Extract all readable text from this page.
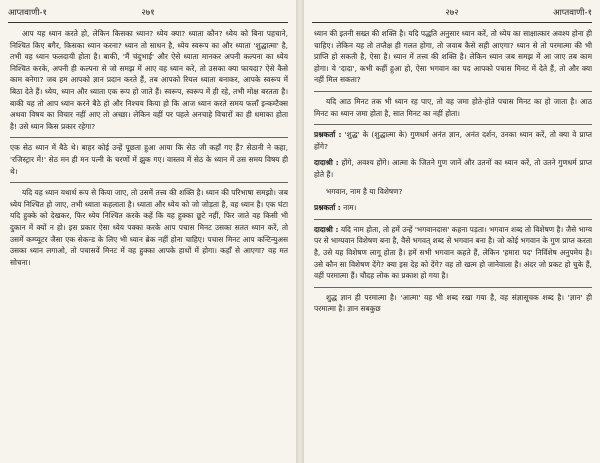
आप्तवाणी-१	२७१

आप यह ध्यान करते हो, लेकिन किसका ध्यान? ध्येय क्या? ध्याता कौन? ध्येय को बिना पहचाने, निश्चित किए बगैर, किसका ध्यान करना? ध्यान तो साधन है, ध्येय स्वरूप का और ध्याता 'शुद्धात्मा' है, तभी वह ध्यान फलदायी होता है। बाकी, 'मैं चंदुभाई' और ऐसे ध्याता मानकर अपनी कल्पना का ध्येय निश्चित करके, अपनी ही कल्पना से जो समझ में आए वह ध्यान करे, तो उसका क्या फायदा? ऐसे कैसे काम बनेगा? जब हम आपको ज्ञान प्रदान करते हैं, तब आपको रियल ध्याता बनाकर, आपके स्वरूप में बिठा देते हैं। ध्येय, ध्यान और ध्याता एक रूप हो जाते हैं। स्वरूप, स्वरूप में ही रहे, तभी मोक्ष बरतता है। बाकी यह तो आप ध्यान करने बैठे हो और निश्चय किया हो कि आज ध्यान करते समय फलाँ इन्कम्टैक्स अथवा विषय का विचार नहीं आए तो अच्छा। लेकिन वहीं पर पहले अनचाहे विचारों का ही धमाका होता है! उसे ध्यान किस प्रकार रहेगा?

एक सेठ ध्यान में बैठे थे। बाहर कोई उन्हें पूछता हुआ आया कि सेठ जी कहाँ गए हैं? सेठानी ने कहा, 'रजिस्ट्रार में!' सेठ मन ही मन पत्नी के चरणों में झुक गए। वास्तव में सेठ के ध्यान में उस समय विषय ही थे।

यदि यह ध्यान यथार्थ रूप से किया जाए, तो उसमें तत्त्व की शक्ति है। ध्यान की परिभाषा समझो। जब ध्येय निश्चित हो जाए, तभी ध्याता कहलाता है। ध्याता और ध्येय को जो जोड़ता है, वह ध्यान है। एक घंटा यदि हुक्के को देखकर, फिर ध्येय निश्चित करके कहें कि यह हुक्का छूटे नहीं, फिर जाते वह किसी भी दुकान में क्यों न हो। इस प्रकार ऐसा ध्येय पक्का करके आप पचास मिनट उसका सतत ध्यान करें, तो उसमें कम्प्यूटर जैसा एक सेकन्ड के लिए भी ध्यान ब्रेक नहीं होना चाहिए। पचास मिनट आप कन्टिन्युअस उसका ध्यान लगाओ, तो पचासवें मिनट में वह हुक्का आपके हाथों में होगा। कहाँ से आएगा? वह मत सोचना।

२७२	आप्तवाणी-१

ध्यान की इतनी सख्त की शक्ति है। यदि पद्धति अनुसार ध्यान करें, तो ध्येय का साक्षात्कार अवश्य होना ही चाहिए। लेकिन यह तो तप्तैक्ष ही गलत होगा, तो जवाब कैसे सही आएगा? ध्यान से तो परमात्मा की भी प्राप्ति हो सकती है, ऐसा है। ध्यान में तत्त्व की शक्ति है। लेकिन ध्यान जब समझ में आ जाए तब काम होगा। ये 'दादा', कभी कहीं हुआ हो, ऐसा भगवान का पद आपको पचास मिनट में देते हैं, तो और क्या नहीं मिल सकता?

यदि आठ मिनट तक भी ध्यान रह पाए, तो वह जमा होते-होते पचास मिनट का हो जाता है। आठ मिनट का ध्यान जमा होता है, सात मिनट का नहीं होता।

प्रश्नकर्ता : 'शुद्ध' के (शुद्धात्मा के) गुणधर्म अनंत ज्ञान, अनंत दर्शन, उनका ध्यान करें, तो क्या वे प्राप्त होंगे?

दादाश्री : होंगे, अवश्य होंगे। आत्मा के जितने गुण जानें और उतनों का ध्यान करें, तो उतने गुणधर्म प्राप्त होते हैं।

भगवान, नाम है या विशेषण?

प्रश्नकर्ता : नाम।

दादाश्री : यदि नाम होता, तो हमें उन्हें 'भगवानदास' कहना पड़ता। भगवान शब्द तो विशेषण है। जैसे भाग्य पर से भाग्यवान विशेषण बना है, वैसे भगवत् शब्द से भगवान बना है। जो कोई भगवान के गुण प्राप्त करता है, उसे यह विशेषण लागू होता है। हमें सभी भगवान कहते हैं, लेकिन 'हमारा पद' निर्विशेष अनुपमेय है। उसे कौन सा विशेषण देंगे? क्या इस देह को देंगे? वह तो खत्म हो जानेवाला है। अंदर जो प्रकट हो चुके हैं, वहीं परमात्मा हैं। चौदह लोक का प्रकाश हो गया है।

शुद्ध ज्ञान ही परमात्मा है। 'आत्मा' यह भी शब्द रखा गया है, वह संज्ञासूचक शब्द है। 'ज्ञान' ही परमात्मा है। ज्ञान सबकुछ
